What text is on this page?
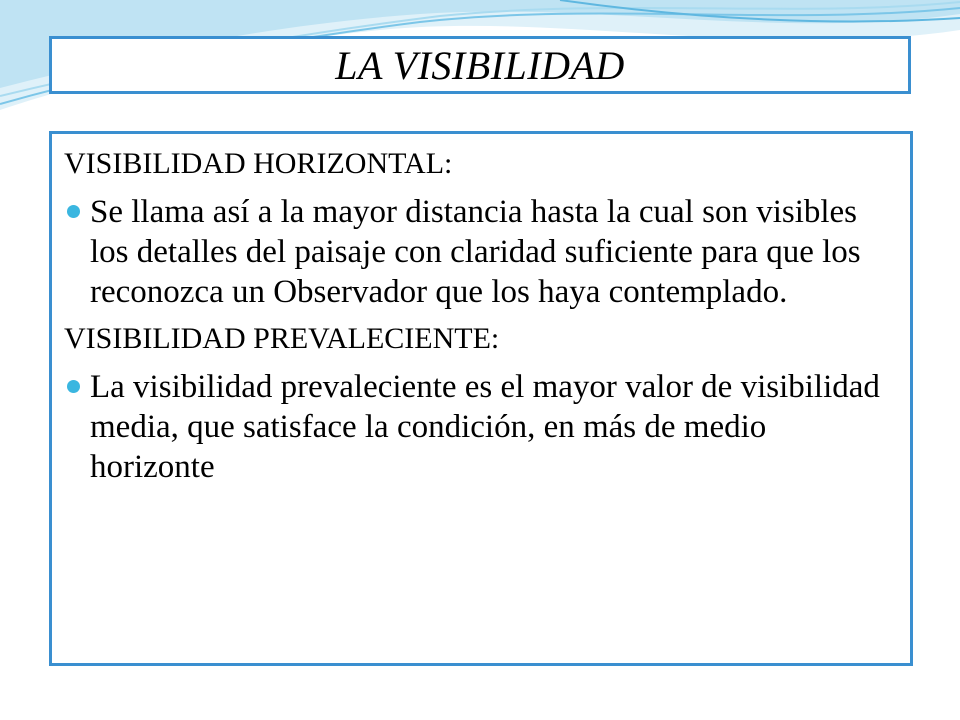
LA VISIBILIDAD
VISIBILIDAD HORIZONTAL:
Se llama así a la mayor distancia hasta la cual son visibles los detalles del paisaje con claridad suficiente para que los reconozca un Observador que los haya contemplado.
VISIBILIDAD PREVALECIENTE:
La visibilidad prevaleciente es el mayor valor de visibilidad media, que satisface la condición, en más de medio horizonte
